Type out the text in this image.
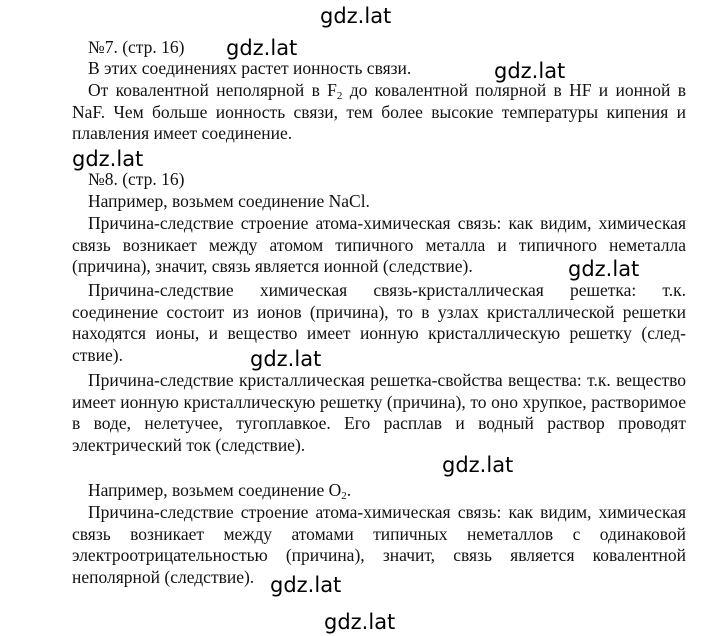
gdz.lat
gdz.lat
gdz.lat
gdz.lat
gdz.lat
gdz.lat
gdz.lat
gdz.lat
gdz.lat
№7. (стр. 16)
В этих соединениях растет ионность связи.
От ковалентной неполярной в $F_2$ до ковалентной полярной в HF и ионной в NaF. Чем больше ионность связи, тем более высокие температуры кипения и плавления имеет соединение.
№8. (стр. 16)
Например, возьмем соединение NaCl.
Причина-следствие строение атома-химическая связь: как видим, химическая связь возникает между атомом типичного металла и типичного неметалла (причина), значит, связь является ионной (следствие).
Причина-следствие химическая связь-кристаллическая решетка: т.к. соединение состоит из ионов (причина), то в узлах кристаллической решетки находятся ионы, и вещество имеет ионную кристаллическую решетку (следствие).
Причина-следствие кристаллическая решетка-свойства вещества: т.к. вещество имеет ионную кристаллическую решетку (причина), то оно хрупкое, растворимое в воде, нелетучее, тугоплавкое. Его расплав и водный раствор проводят электрический ток (следствие).
Например, возьмем соединение $O_2$.
Причина-следствие строение атома-химическая связь: как видим, химическая связь возникает между атомами типичных неметаллов с одинаковой электроотрицательностью (причина), значит, связь является ковалентной неполярной (следствие).
